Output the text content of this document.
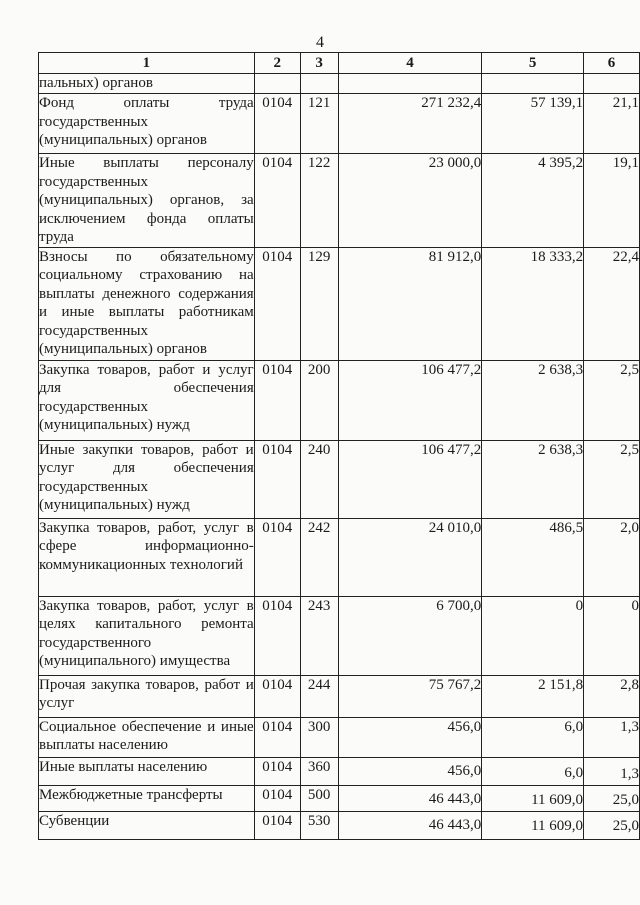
4
1	2	3	4	5	6
пальных) органов					
Фонд оплаты труда государственных (муниципальных) органов	0104	121	271 232,4	57 139,1	21,1
Иные выплаты персоналу государственных (муниципальных) органов, за исключением фонда оплаты труда	0104	122	23 000,0	4 395,2	19,1
Взносы по обязательному социальному страхованию на выплаты денежного содержания и иные выплаты работникам государственных (муниципальных) органов	0104	129	81 912,0	18 333,2	22,4
Закупка товаров, работ и услуг для обеспечения государственных (муниципальных) нужд	0104	200	106 477,2	2 638,3	2,5
Иные закупки товаров, работ и услуг для обеспечения государственных (муниципальных) нужд	0104	240	106 477,2	2 638,3	2,5
Закупка товаров, работ, услуг в сфере информационно-коммуникационных технологий	0104	242	24 010,0	486,5	2,0
Закупка товаров, работ, услуг в целях капитального ремонта государственного (муниципального) имущества	0104	243	6 700,0	0	0
Прочая закупка товаров, работ и услуг	0104	244	75 767,2	2 151,8	2,8
Социальное обеспечение и иные выплаты населению	0104	300	456,0	6,0	1,3
Иные выплаты населению	0104	360	456,0	6,0	1,3
Межбюджетные трансферты	0104	500	46 443,0	11 609,0	25,0
Субвенции	0104	530	46 443,0	11 609,0	25,0
